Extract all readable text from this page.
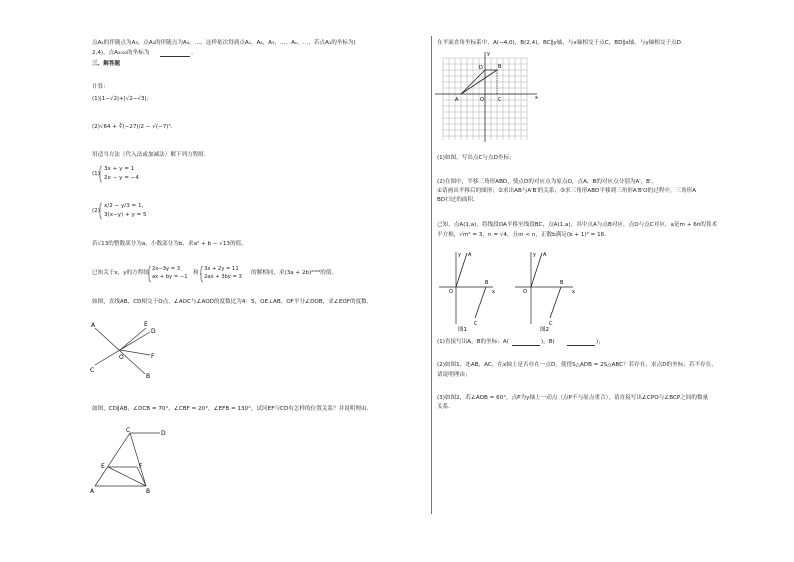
点A₂的伴随点为A₃，点A₃的伴随点为A₄，…，这样依次得到点A₁，A₂，A₃，…，Aₙ，…，若点A₁的坐标为(
2,4)，点A₂₀₂₀的坐标为	。
三、解答题
计算：
(1)|1−√2|+|√2−√3|；
(2)√64 + ∛(−27)/2 − √(−7)²．
用适当方法（代入法或加减法）解下列方程组．
(1)
3x + y = 1
2x − y = −4
(2)
x/2 − y/3 = 1，
3(x−y) + y = 5
若√13的整数部分为a，小数部分为b，求a² + b − √13的值。
已知关于x，y的方程组
2x−3y = 3
ax + by = −1
和
3x + 2y = 11
2ax + 3by = 3
的解相同，求(3a + 2b)²⁰²⁰的值。
如图，直线AB、CD相交于O点，∠AOC与∠AOD的度数比为4：5，OE⊥AB，OF平分∠DOB，求∠EOF的度数．
A
B
C
D
E
F
O
如图，CD∥AB，∠DCB = 70°，∠CBF = 20°，∠EFB = 130°，试问EF与CD有怎样的位置关系？并说明理由．
C	D
E	F
A	B
在平面直角坐标系中，A(−4,0)，B(2,4)，BC∥y轴，与x轴相交于点C，BD∥x轴，与y轴相交于点D．
y
x
D	B
A	O	C
(1)如图，写出点C与点D坐标；
(2)在图中，平移三角形ABD，使点D的对应点为原点O，点A，B的对应点分别为A′，B′，
①请画出平移后的图形；②求出AB与A′B′的关系；③求三角形ABD平移到三角形A′B′O的过程中，三角形A
BD扫过的面积．
已知，点A(1,a)，将线段OA平移至线段BC，点A(1,a)，其中点A与点B对应，点O与点C对应，a是m + 6n的算术
平方根，√m² = 3，n = √4，且m < n，正数b满足(b + 1)² = 16．
y A
O
B
x
C
图1
y A
O
B
x
C
图2
(1)直接写出A，B的坐标：A(	)，B(	)；
(2)如图1，连AB，AC，在x轴上是否存在一点D，使得S△ADB = 2S△ABC？若存在，求点D的坐标；若不存在，
请说明理由；
(3)如图2，若∠AOB = 60°，点P为y轴上一动点（点P不与原点重合），请直接写出∠CPO与∠BCP之间的数量
关系．
